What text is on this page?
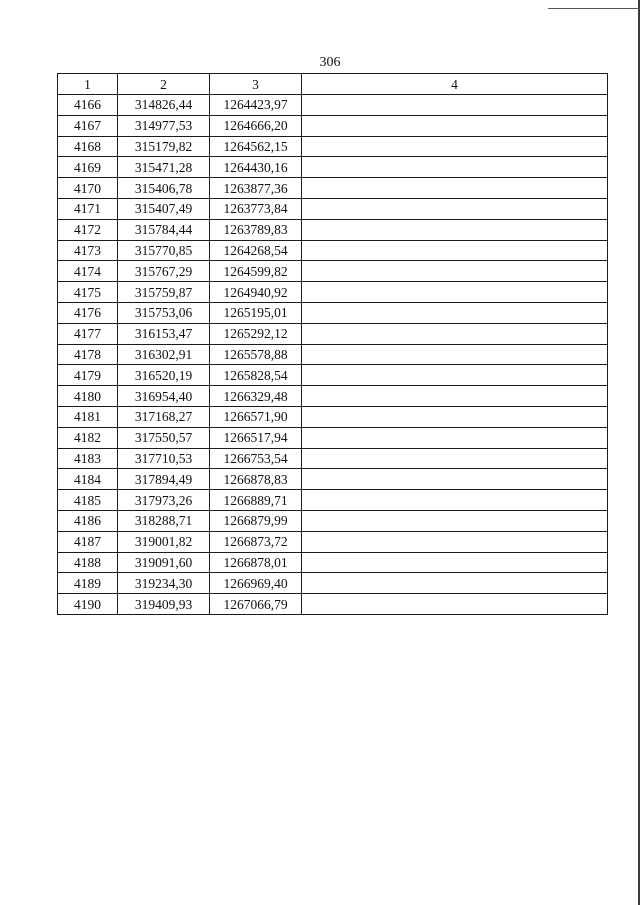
306
1	2	3	4
4166	314826,44	1264423,97	
4167	314977,53	1264666,20	
4168	315179,82	1264562,15	
4169	315471,28	1264430,16	
4170	315406,78	1263877,36	
4171	315407,49	1263773,84	
4172	315784,44	1263789,83	
4173	315770,85	1264268,54	
4174	315767,29	1264599,82	
4175	315759,87	1264940,92	
4176	315753,06	1265195,01	
4177	316153,47	1265292,12	
4178	316302,91	1265578,88	
4179	316520,19	1265828,54	
4180	316954,40	1266329,48	
4181	317168,27	1266571,90	
4182	317550,57	1266517,94	
4183	317710,53	1266753,54	
4184	317894,49	1266878,83	
4185	317973,26	1266889,71	
4186	318288,71	1266879,99	
4187	319001,82	1266873,72	
4188	319091,60	1266878,01	
4189	319234,30	1266969,40	
4190	319409,93	1267066,79	
